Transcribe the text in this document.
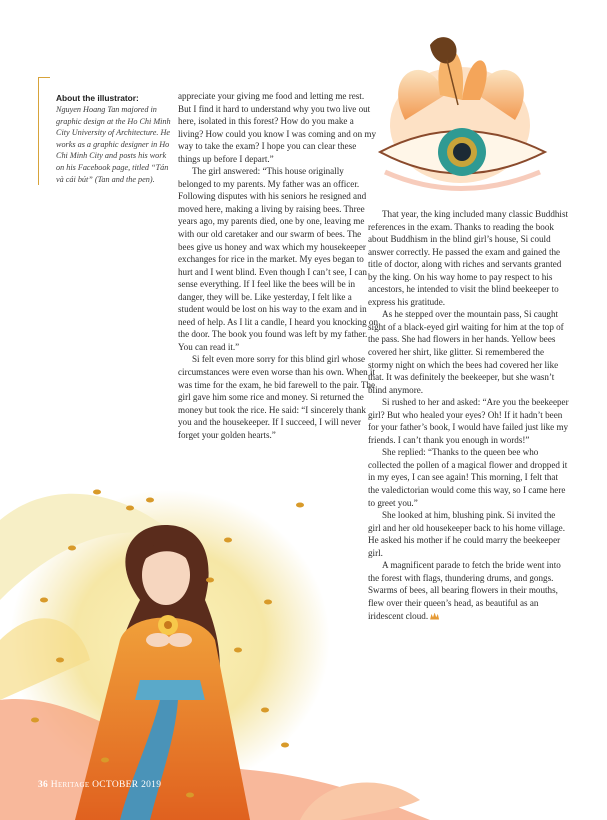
About the illustrator:

Nguyen Hoang Tan majored in graphic design at the Ho Chi Minh City University of Architecture. He works as a graphic designer in Ho Chi Minh City and posts his work on his Facebook page, titled “Tán và cái bút” (Tan and the pen).

appreciate your giving me food and letting me rest. But I find it hard to understand why you two live out here, isolated in this forest? How do you make a living? How could you know I was coming and on my way to take the exam? I hope you can clear these things up before I depart.”

The girl answered: “This house originally belonged to my parents. My father was an officer. Following disputes with his seniors he resigned and moved here, making a living by raising bees. Three years ago, my parents died, one by one, leaving me with our old caretaker and our swarm of bees. The bees give us honey and wax which my housekeeper exchanges for rice in the market. My eyes began to hurt and I went blind. Even though I can’t see, I can sense everything. If I feel like the bees will be in danger, they will be. Like yesterday, I felt like a student would be lost on his way to the exam and in need of help. As I lit a candle, I heard you knocking on the door. The book you found was left by my father. You can read it.”

Si felt even more sorry for this blind girl whose circumstances were even worse than his own. When it was time for the exam, he bid farewell to the pair. The girl gave him some rice and money. Si returned the money but took the rice. He said: “I sincerely thank you and the housekeeper. If I succeed, I will never forget your golden hearts.”

That year, the king included many classic Buddhist references in the exam. Thanks to reading the book about Buddhism in the blind girl’s house, Si could answer correctly. He passed the exam and gained the title of doctor, along with riches and servants granted by the king. On his way home to pay respect to his ancestors, he intended to visit the blind beekeeper to express his gratitude.

As he stepped over the mountain pass, Si caught sight of a black-eyed girl waiting for him at the top of the pass. She had flowers in her hands. Yellow bees covered her shirt, like glitter. Si remembered the stormy night on which the bees had covered her like that. It was definitely the beekeeper, but she wasn’t blind anymore.

Si rushed to her and asked: “Are you the beekeeper girl? But who healed your eyes? Oh! If it hadn’t been for your father’s book, I would have failed just like my friends. I can’t thank you enough in words!”

She replied: “Thanks to the queen bee who collected the pollen of a magical flower and dropped it in my eyes, I can see again! This morning, I felt that the valedictorian would come this way, so I came here to greet you.”

She looked at him, blushing pink. Si invited the girl and her old housekeeper back to his home village. He asked his mother if he could marry the beekeeper girl.

A magnificent parade to fetch the bride went into the forest with flags, thundering drums, and gongs. Swarms of bees, all bearing flowers in their mouths, flew over their queen’s head, as beautiful as an iridescent cloud.

36 Heritage OCTOBER 2019
